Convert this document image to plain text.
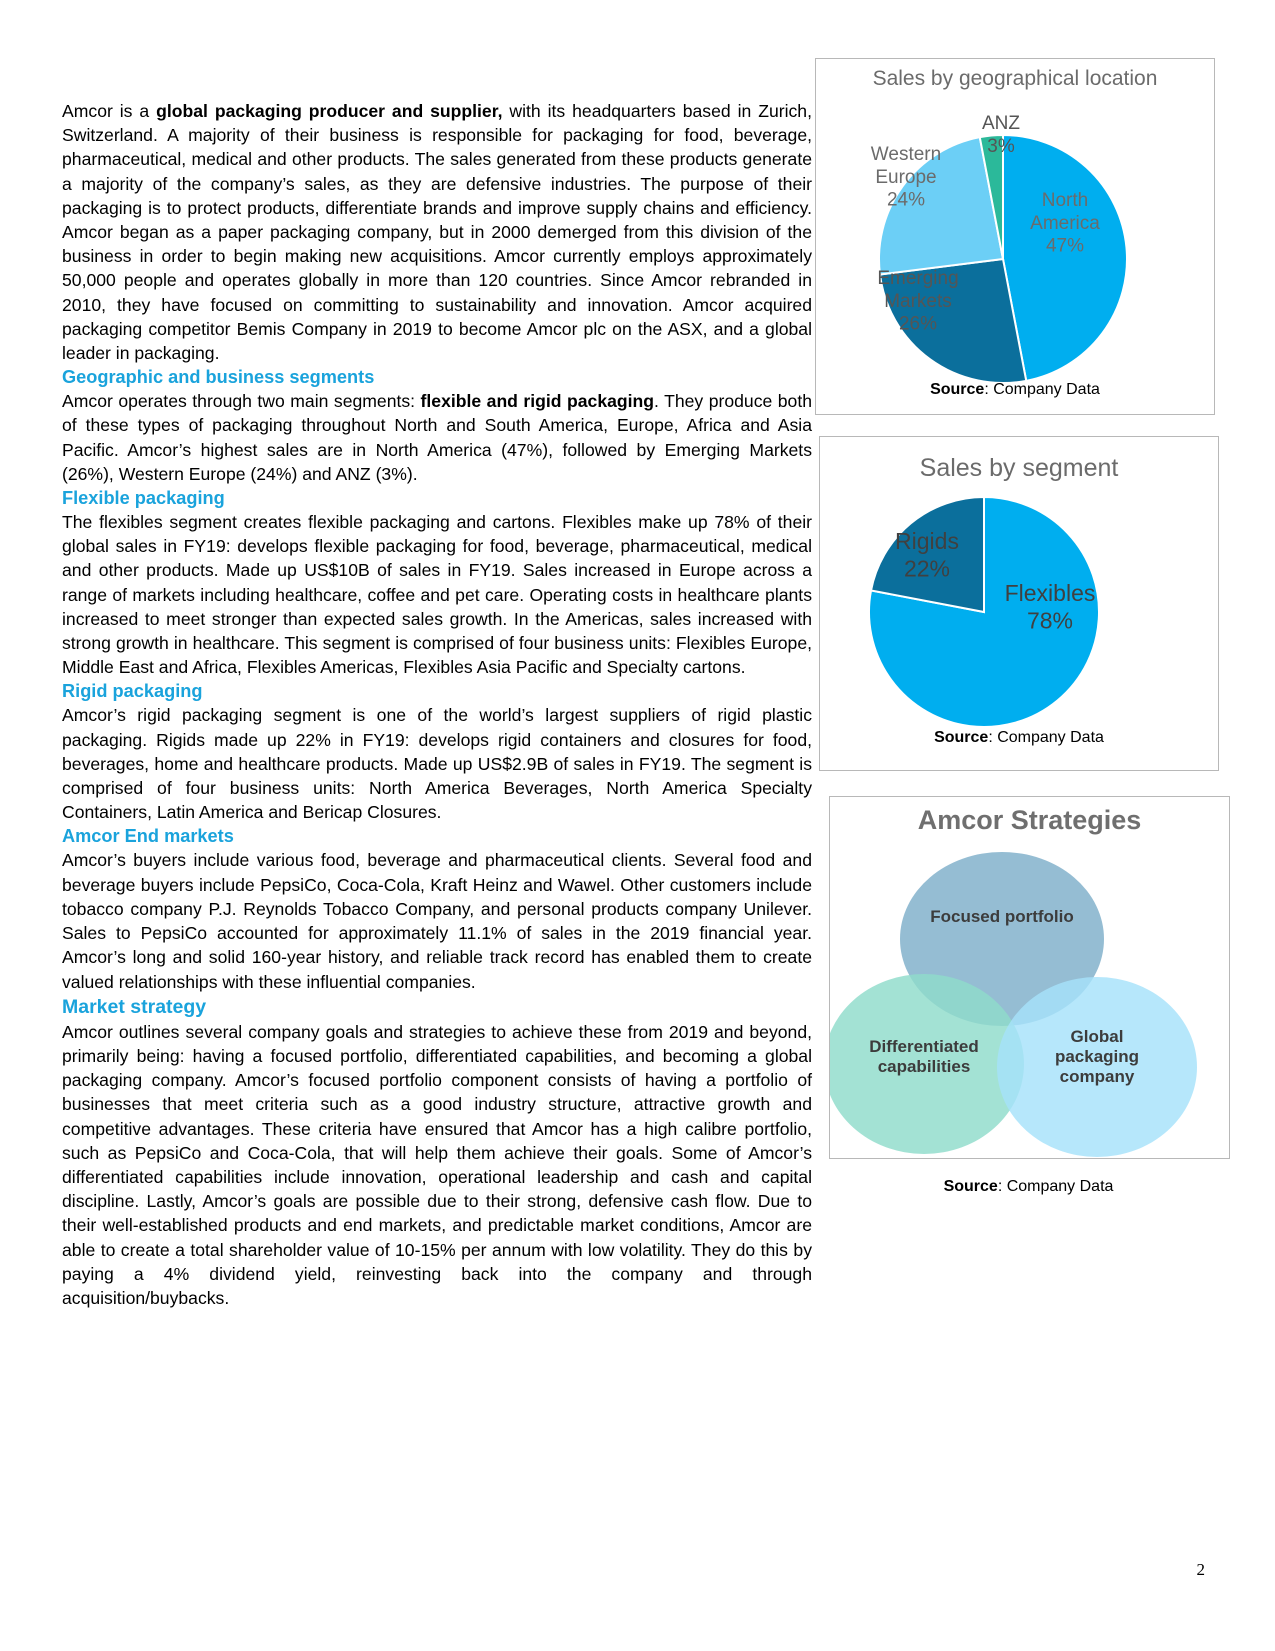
Amcor is a global packaging producer and supplier, with its headquarters based in Zurich, Switzerland. A majority of their business is responsible for packaging for food, beverage, pharmaceutical, medical and other products. The sales generated from these products generate a majority of the company’s sales, as they are defensive industries. The purpose of their packaging is to protect products, differentiate brands and improve supply chains and efficiency. Amcor began as a paper packaging company, but in 2000 demerged from this division of the business in order to begin making new acquisitions. Amcor currently employs approximately 50,000 people and operates globally in more than 120 countries. Since Amcor rebranded in 2010, they have focused on committing to sustainability and innovation. Amcor acquired packaging competitor Bemis Company in 2019 to become Amcor plc on the ASX, and a global leader in packaging.

Geographic and business segments

Amcor operates through two main segments: flexible and rigid packaging. They produce both of these types of packaging throughout North and South America, Europe, Africa and Asia Pacific. Amcor’s highest sales are in North America (47%), followed by Emerging Markets (26%), Western Europe (24%) and ANZ (3%).

Flexible packaging

The flexibles segment creates flexible packaging and cartons. Flexibles make up 78% of their global sales in FY19: develops flexible packaging for food, beverage, pharmaceutical, medical and other products. Made up US$10B of sales in FY19. Sales increased in Europe across a range of markets including healthcare, coffee and pet care. Operating costs in healthcare plants increased to meet stronger than expected sales growth. In the Americas, sales increased with strong growth in healthcare. This segment is comprised of four business units: Flexibles Europe, Middle East and Africa, Flexibles Americas, Flexibles Asia Pacific and Specialty cartons.

Rigid packaging

Amcor’s rigid packaging segment is one of the world’s largest suppliers of rigid plastic packaging. Rigids made up 22% in FY19: develops rigid containers and closures for food, beverages, home and healthcare products. Made up US$2.9B of sales in FY19. The segment is comprised of four business units: North America Beverages, North America Specialty Containers, Latin America and Bericap Closures.

Amcor End markets

Amcor’s buyers include various food, beverage and pharmaceutical clients. Several food and beverage buyers include PepsiCo, Coca-Cola, Kraft Heinz and Wawel. Other customers include tobacco company P.J. Reynolds Tobacco Company, and personal products company Unilever. Sales to PepsiCo accounted for approximately 11.1% of sales in the 2019 financial year. Amcor’s long and solid 160-year history, and reliable track record has enabled them to create valued relationships with these influential companies.

Market strategy

Amcor outlines several company goals and strategies to achieve these from 2019 and beyond, primarily being: having a focused portfolio, differentiated capabilities, and becoming a global packaging company. Amcor’s focused portfolio component consists of having a portfolio of businesses that meet criteria such as a good industry structure, attractive growth and competitive advantages. These criteria have ensured that Amcor has a high calibre portfolio, such as PepsiCo and Coca-Cola, that will help them achieve their goals. Some of Amcor’s differentiated capabilities include innovation, operational leadership and cash and capital discipline. Lastly, Amcor’s goals are possible due to their strong, defensive cash flow. Due to their well-established products and end markets, and predictable market conditions, Amcor are able to create a total shareholder value of 10-15% per annum with low volatility. They do this by paying a 4% dividend yield, reinvesting back into the company and through acquisition/buybacks.

Sales by geographical location
North America 47%
Emerging Markets 26%
Western Europe 24%
ANZ 3%
Source: Company Data
Sales by segment
Flexibles 78%
Rigids 22%
Source: Company Data
Amcor Strategies
Focused portfolio
Differentiated capabilities
Global packaging company
Source: Company Data
2
